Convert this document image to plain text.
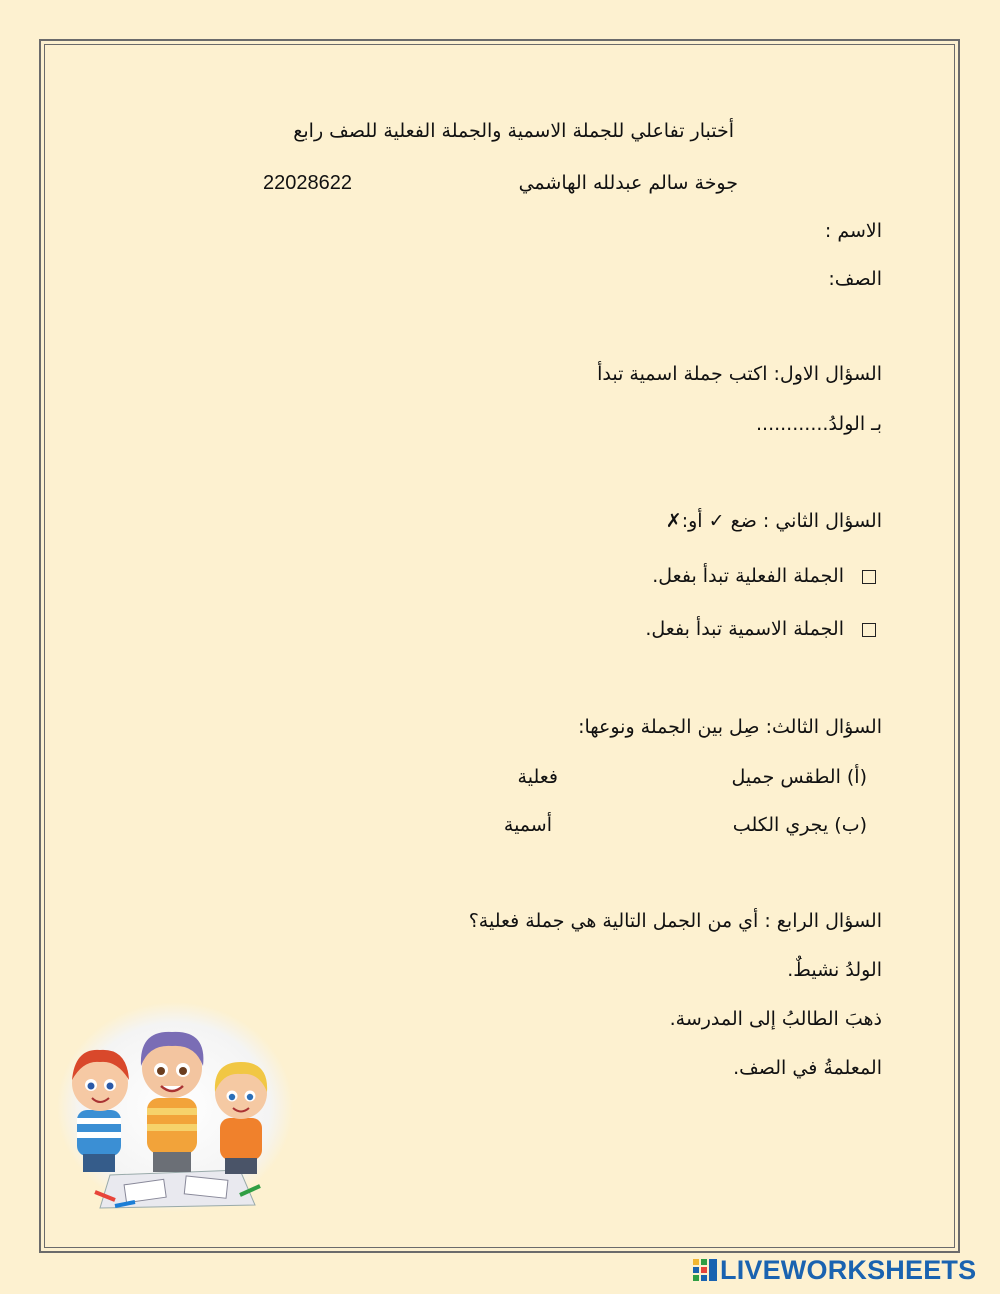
أختبار تفاعلي للجملة الاسمية والجملة الفعلية للصف رابع
جوخة سالم عبدلله الهاشمي
22028622
الاسم :
الصف:
السؤال الاول: اكتب جملة اسمية تبدأ
بـ الولدُ............
السؤال الثاني : ضع ✓ أو:✗
الجملة الفعلية تبدأ بفعل.
الجملة الاسمية تبدأ بفعل.
السؤال الثالث: صِل بين الجملة ونوعها:
(أ) الطقس جميل
فعلية
(ب) يجري الكلب
أسمية
السؤال الرابع : أي من الجمل التالية هي جملة فعلية؟
الولدُ نشيطٌ.
ذهبَ الطالبُ إلى المدرسة.
المعلمةُ في الصف.
LIVEWORKSHEETS
